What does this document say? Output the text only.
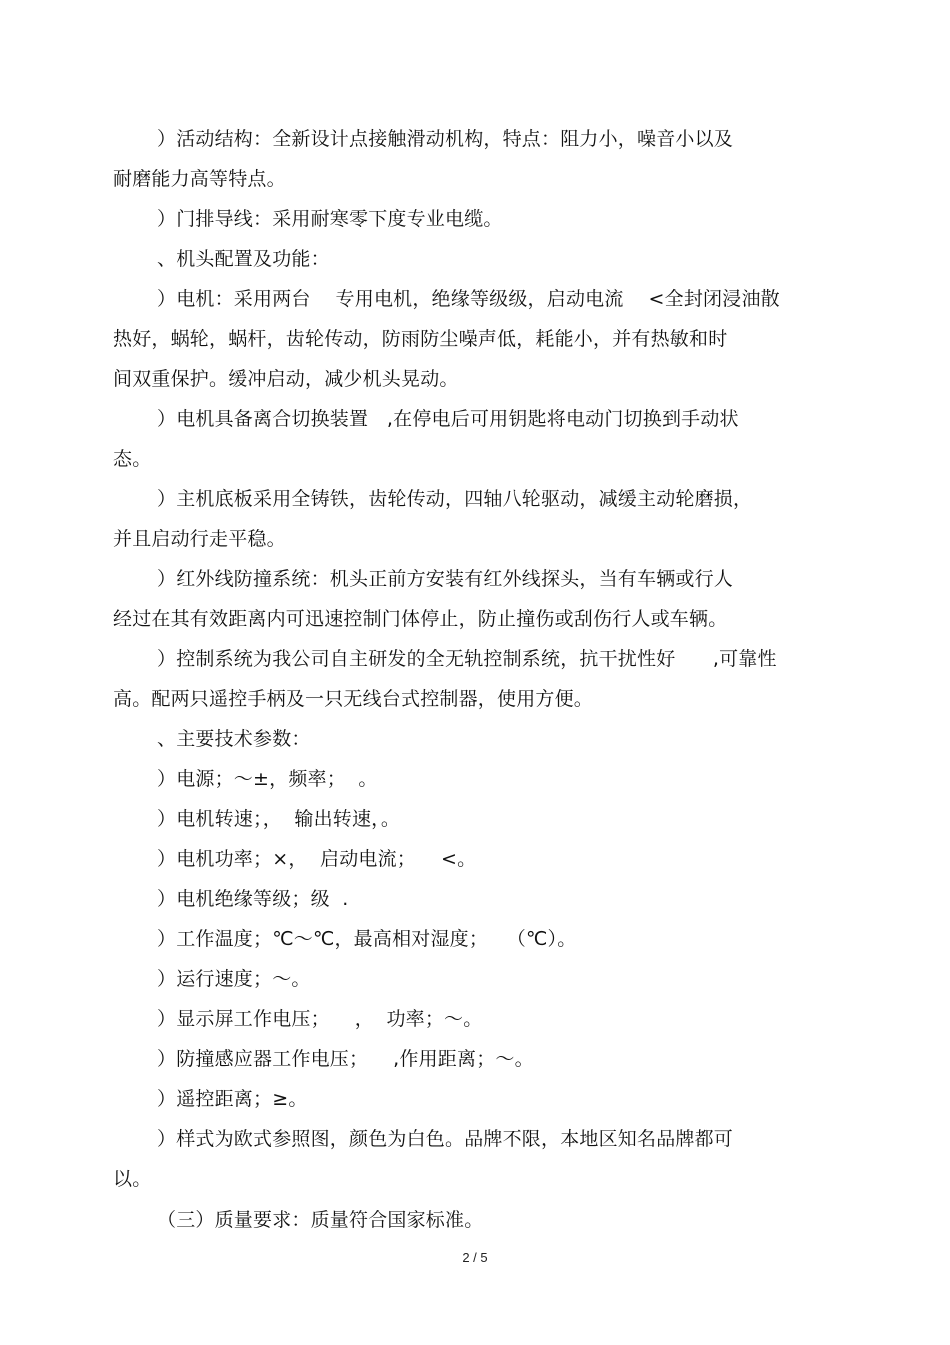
）活动结构：全新设计点接触滑动机构，特点：阻力小，噪音小以及
耐磨能力高等特点。
）门排导线：采用耐寒零下度专业电缆。
、机头配置及功能：
）电机：采用两台    专用电机，绝缘等级级，启动电流    <全封闭浸油散
热好，蜗轮，蜗杆，齿轮传动，防雨防尘噪声低，耗能小，并有热敏和时
间双重保护。缓冲启动，减少机头晃动。
）电机具备离合切换装置   ,在停电后可用钥匙将电动门切换到手动状
态。
）主机底板采用全铸铁，齿轮传动，四轴八轮驱动，减缓主动轮磨损，
并且启动行走平稳。
）红外线防撞系统：机头正前方安装有红外线探头，当有车辆或行人
经过在其有效距离内可迅速控制门体停止，防止撞伤或刮伤行人或车辆。
）控制系统为我公司自主研发的全无轨控制系统，抗干扰性好      ,可靠性
高。配两只遥控手柄及一只无线台式控制器，使用方便。
、主要技术参数：
）电源；～±，频率；  。
）电机转速；，  输出转速，。
）电机功率；×，  启动电流；    <。
）电机绝缘等级；级  .
）工作温度；℃～℃，最高相对湿度；   （℃）。
）运行速度；～。
）显示屏工作电压；    ，  功率；～。
）防撞感应器工作电压；    ,作用距离；～。
）遥控距离；≥。
）样式为欧式参照图，颜色为白色。品牌不限，本地区知名品牌都可
以。
（三）质量要求：质量符合国家标准。
2 / 5
